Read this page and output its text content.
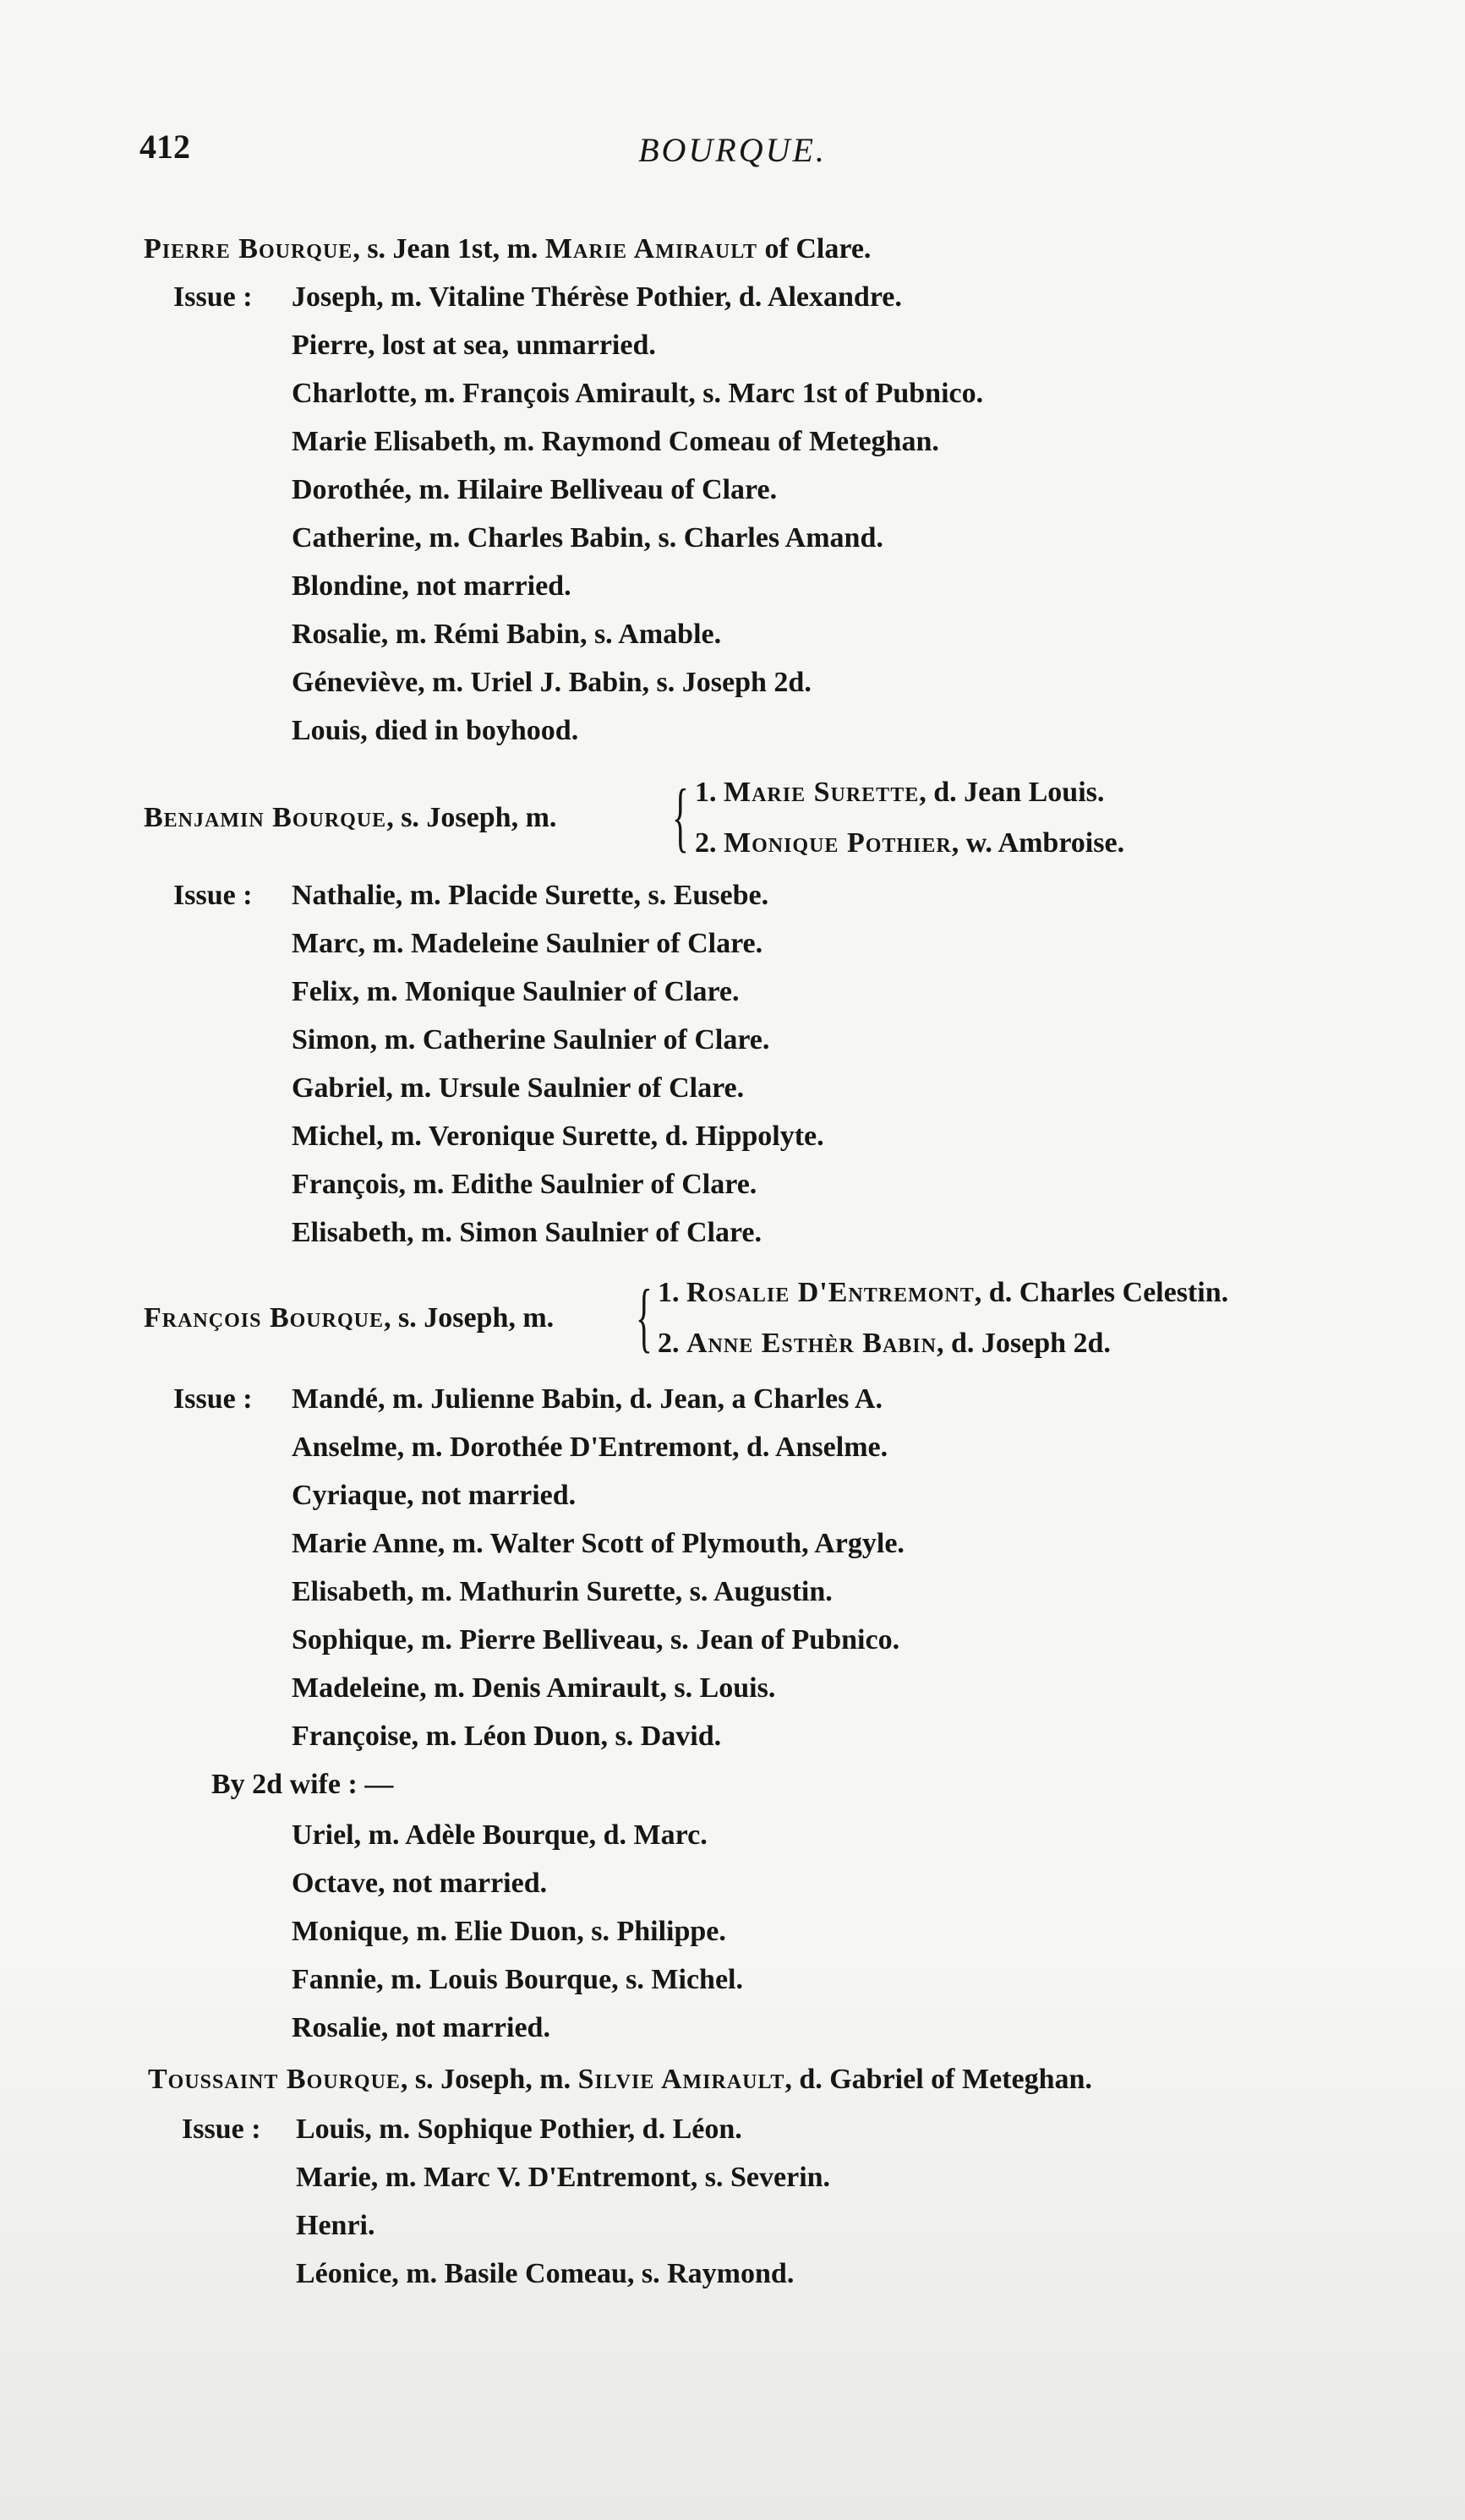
412	BOURQUE.
Pierre Bourque, s. Jean 1st, m. Marie Amirault of Clare.
Issue : Joseph, m. Vitaline Thérèse Pothier, d. Alexandre.
Pierre, lost at sea, unmarried.
Charlotte, m. François Amirault, s. Marc 1st of Pubnico.
Marie Elisabeth, m. Raymond Comeau of Meteghan.
Dorothée, m. Hilaire Belliveau of Clare.
Catherine, m. Charles Babin, s. Charles Amand.
Blondine, not married.
Rosalie, m. Rémi Babin, s. Amable.
Géneviève, m. Uriel J. Babin, s. Joseph 2d.
Louis, died in boyhood.
Benjamin Bourque, s. Joseph, m. { 1. Marie Surette, d. Jean Louis.
2. Monique Pothier, w. Ambroise.
Issue : Nathalie, m. Placide Surette, s. Eusebe.
Marc, m. Madeleine Saulnier of Clare.
Felix, m. Monique Saulnier of Clare.
Simon, m. Catherine Saulnier of Clare.
Gabriel, m. Ursule Saulnier of Clare.
Michel, m. Veronique Surette, d. Hippolyte.
François, m. Edithe Saulnier of Clare.
Elisabeth, m. Simon Saulnier of Clare.
François Bourque, s. Joseph, m. { 1. Rosalie D'Entremont, d. Charles Celestin.
2. Anne Esthèr Babin, d. Joseph 2d.
Issue : Mandé, m. Julienne Babin, d. Jean, a Charles A.
Anselme, m. Dorothée D'Entremont, d. Anselme.
Cyriaque, not married.
Marie Anne, m. Walter Scott of Plymouth, Argyle.
Elisabeth, m. Mathurin Surette, s. Augustin.
Sophique, m. Pierre Belliveau, s. Jean of Pubnico.
Madeleine, m. Denis Amirault, s. Louis.
Françoise, m. Léon Duon, s. David.
By 2d wife : —
Uriel, m. Adèle Bourque, d. Marc.
Octave, not married.
Monique, m. Elie Duon, s. Philippe.
Fannie, m. Louis Bourque, s. Michel.
Rosalie, not married.
Toussaint Bourque, s. Joseph, m. Silvie Amirault, d. Gabriel of Meteghan.
Issue : Louis, m. Sophique Pothier, d. Léon.
Marie, m. Marc V. D'Entremont, s. Severin.
Henri.
Léonice, m. Basile Comeau, s. Raymond.
